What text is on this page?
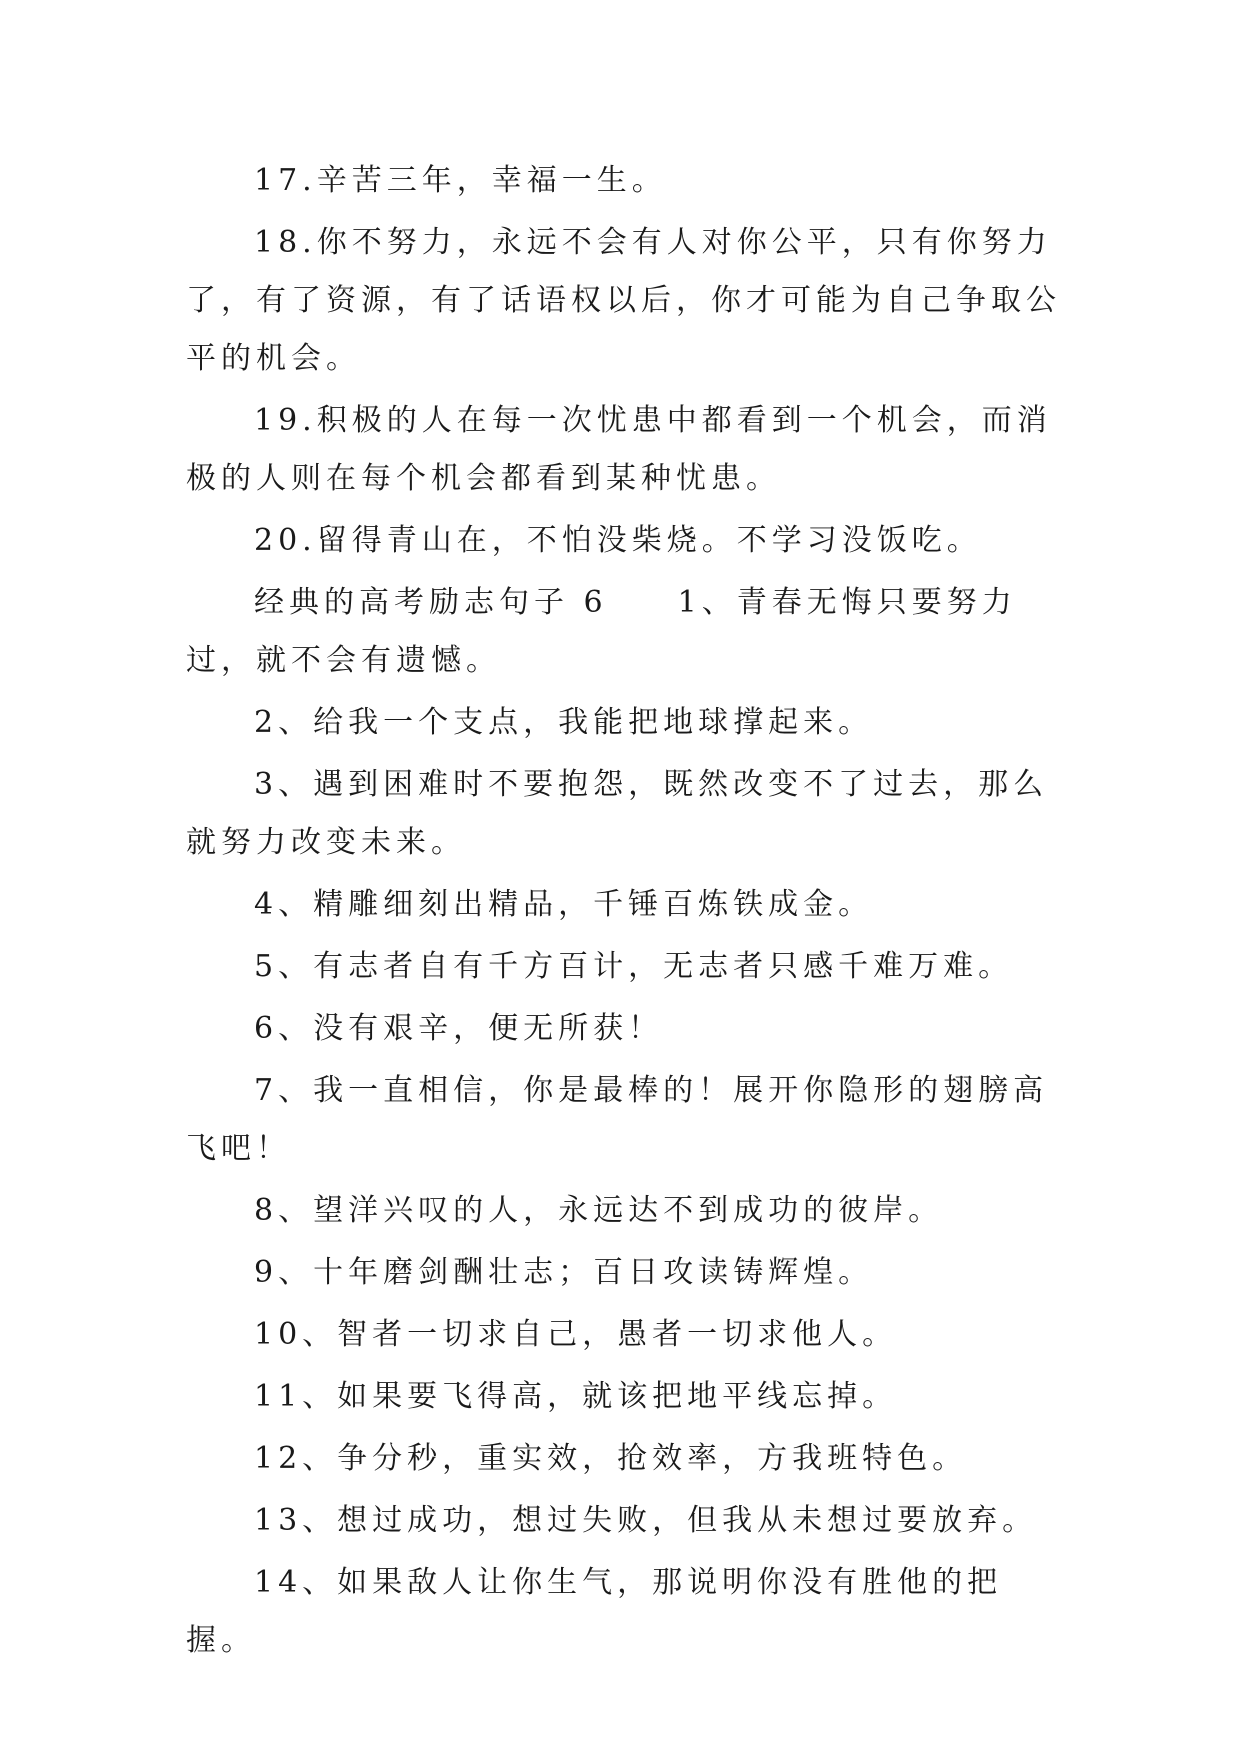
17.辛苦三年，幸福一生。

18.你不努力，永远不会有人对你公平，只有你努力了，有了资源，有了话语权以后，你才可能为自己争取公平的机会。

19.积极的人在每一次忧患中都看到一个机会，而消极的人则在每个机会都看到某种忧患。

20.留得青山在，不怕没柴烧。不学习没饭吃。

经典的高考励志句子 6　　1、青春无悔只要努力过，就不会有遗憾。

2、给我一个支点，我能把地球撑起来。

3、遇到困难时不要抱怨，既然改变不了过去，那么就努力改变未来。

4、精雕细刻出精品，千锤百炼铁成金。

5、有志者自有千方百计，无志者只感千难万难。

6、没有艰辛，便无所获！

7、我一直相信，你是最棒的！展开你隐形的翅膀高飞吧！

8、望洋兴叹的人，永远达不到成功的彼岸。

9、十年磨剑酬壮志；百日攻读铸辉煌。

10、智者一切求自己，愚者一切求他人。

11、如果要飞得高，就该把地平线忘掉。

12、争分秒，重实效，抢效率，方我班特色。

13、想过成功，想过失败，但我从未想过要放弃。

14、如果敌人让你生气，那说明你没有胜他的把握。
